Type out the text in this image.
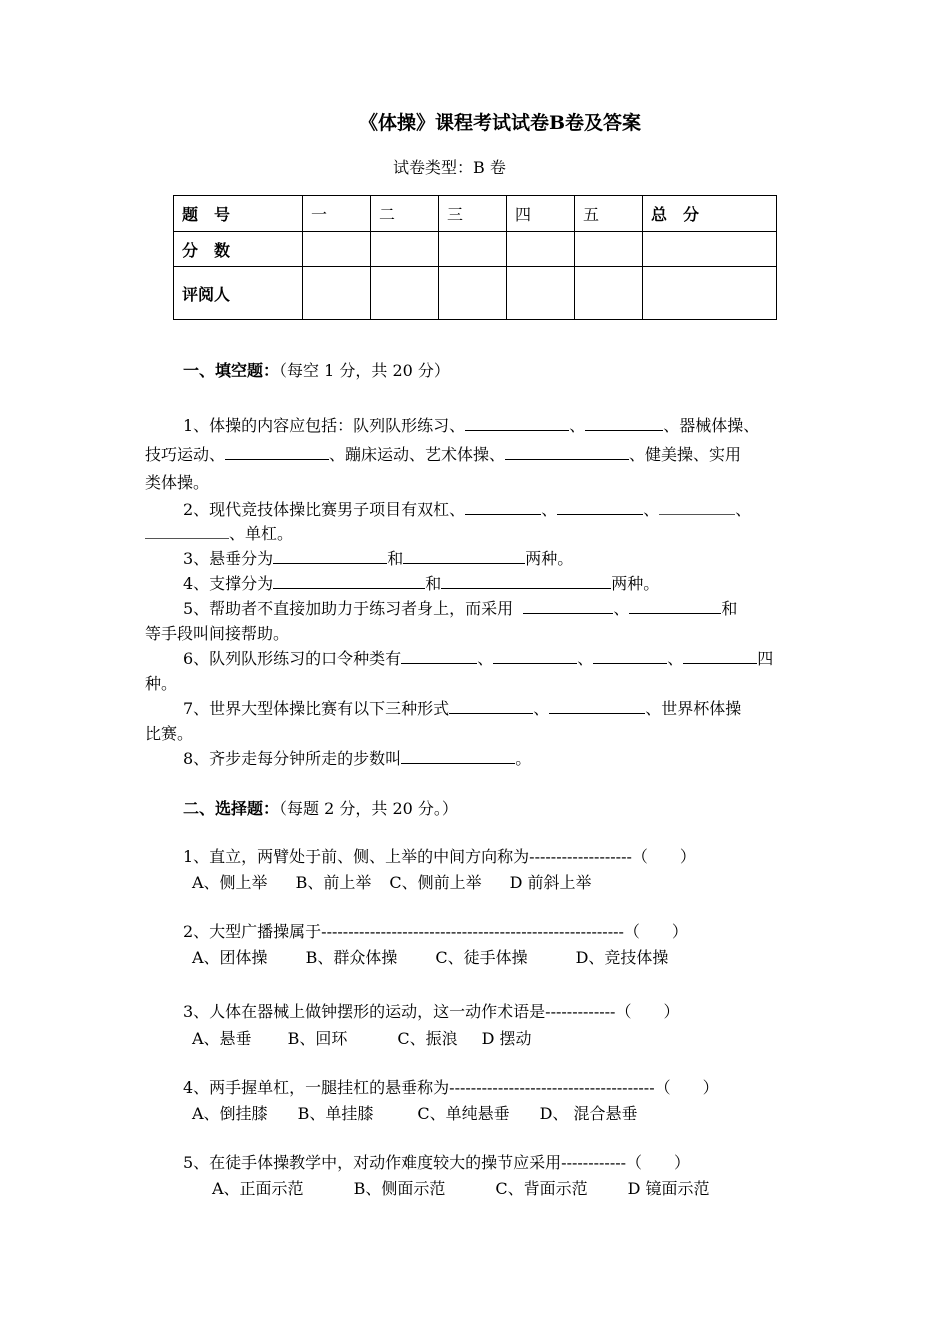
《体操》课程考试试卷B卷及答案
试卷类型：B 卷
题　号	一	二	三	四	五	总　分
分　数						
评阅人						
一、填空题：（每空 1 分，共 20 分）
1、体操的内容应包括：队列队形练习、	、	、器械体操、
技巧运动、	、蹦床运动、艺术体操、	、健美操、实用
类体操。
2、现代竞技体操比赛男子项目有双杠、	、	、	、
、单杠。
3、悬垂分为	和	两种。
4、支撑分为	和	两种。
5、帮助者不直接加助力于练习者身上，而采用	、	和
等手段叫间接帮助。
6、队列队形练习的口令种类有	、	、	、	四
种。
7、世界大型体操比赛有以下三种形式	、	、世界杯体操
比赛。
8、齐步走每分钟所走的步数叫	。
二、选择题：（每题 2 分，共 20 分。）
1、直立，两臂处于前、侧、上举的中间方向称为-------------------（　　）
A、侧上举 B、前上举 C、侧前上举 D 前斜上举
2、大型广播操属于--------------------------------------------------------（　　）
A、团体操 B、群众体操 C、徒手体操	D、竞技体操
3、人体在器械上做钟摆形的运动，这一动作术语是-------------（　　）
A、悬垂 B、回环	C、振浪 D 摆动
4、两手握单杠，一腿挂杠的悬垂称为--------------------------------------（　　）
A、倒挂膝 B、单挂膝	C、单纯悬垂 D、 混合悬垂
5、在徒手体操教学中，对动作难度较大的操节应采用------------（　　）
A、正面示范	B、侧面示范	C、背面示范	D 镜面示范
